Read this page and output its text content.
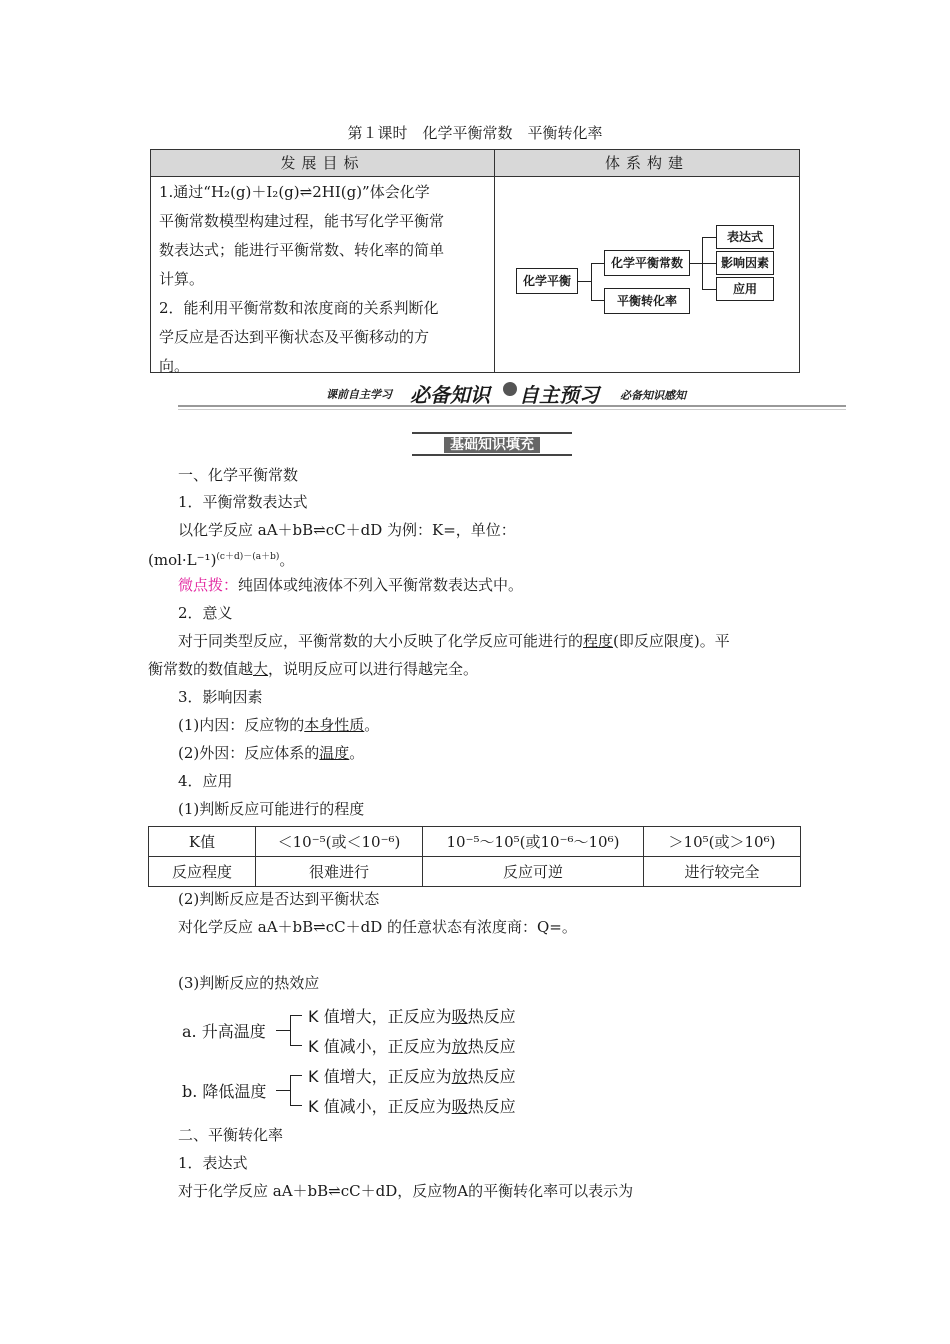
第１课时　化学平衡常数　平衡转化率
发展目标	体系构建
1.通过“H₂(g)＋I₂(g)⇌2HI(g)”体会化学
平衡常数模型构建过程，能书写化学平衡常
数表达式；能进行平衡常数、转化率的简单
计算。
2．能利用平衡常数和浓度商的关系判断化
学反应是否达到平衡状态及平衡移动的方
向。
化学平衡
化学平衡常数
平衡转化率
表达式
影响因素
应用
课前自主学习 必备知识 自主预习 必备知识感知
基础知识填充
一、化学平衡常数
1．平衡常数表达式
以化学反应 aA＋bB⇌cC＋dD 为例：K=，单位：
$(mol\cdot L^{-1})^{(c+d)-(a+b)}$。
微点拨：纯固体或纯液体不列入平衡常数表达式中。
2．意义
对于同类型反应，平衡常数的大小反映了化学反应可能进行的程度(即反应限度)。平
衡常数的数值越大，说明反应可以进行得越完全。
3．影响因素
(1)内因：反应物的本身性质。
(2)外因：反应体系的温度。
4．应用
(1)判断反应可能进行的程度
K值	＜10⁻⁵(或＜10⁻⁶)	10⁻⁵～10⁵(或10⁻⁶～10⁶)	＞10⁵(或＞10⁶)
反应程度	很难进行	反应可逆	进行较完全
(2)判断反应是否达到平衡状态
对化学反应 aA＋bB⇌cC＋dD 的任意状态有浓度商：Q=。
(3)判断反应的热效应
a. 升高温度
K 值增大，正反应为吸热反应
K 值减小，正反应为放热反应
b. 降低温度
K 值增大，正反应为放热反应
K 值减小，正反应为吸热反应
二、平衡转化率
1．表达式
对于化学反应 aA＋bB⇌cC＋dD，反应物A的平衡转化率可以表示为
